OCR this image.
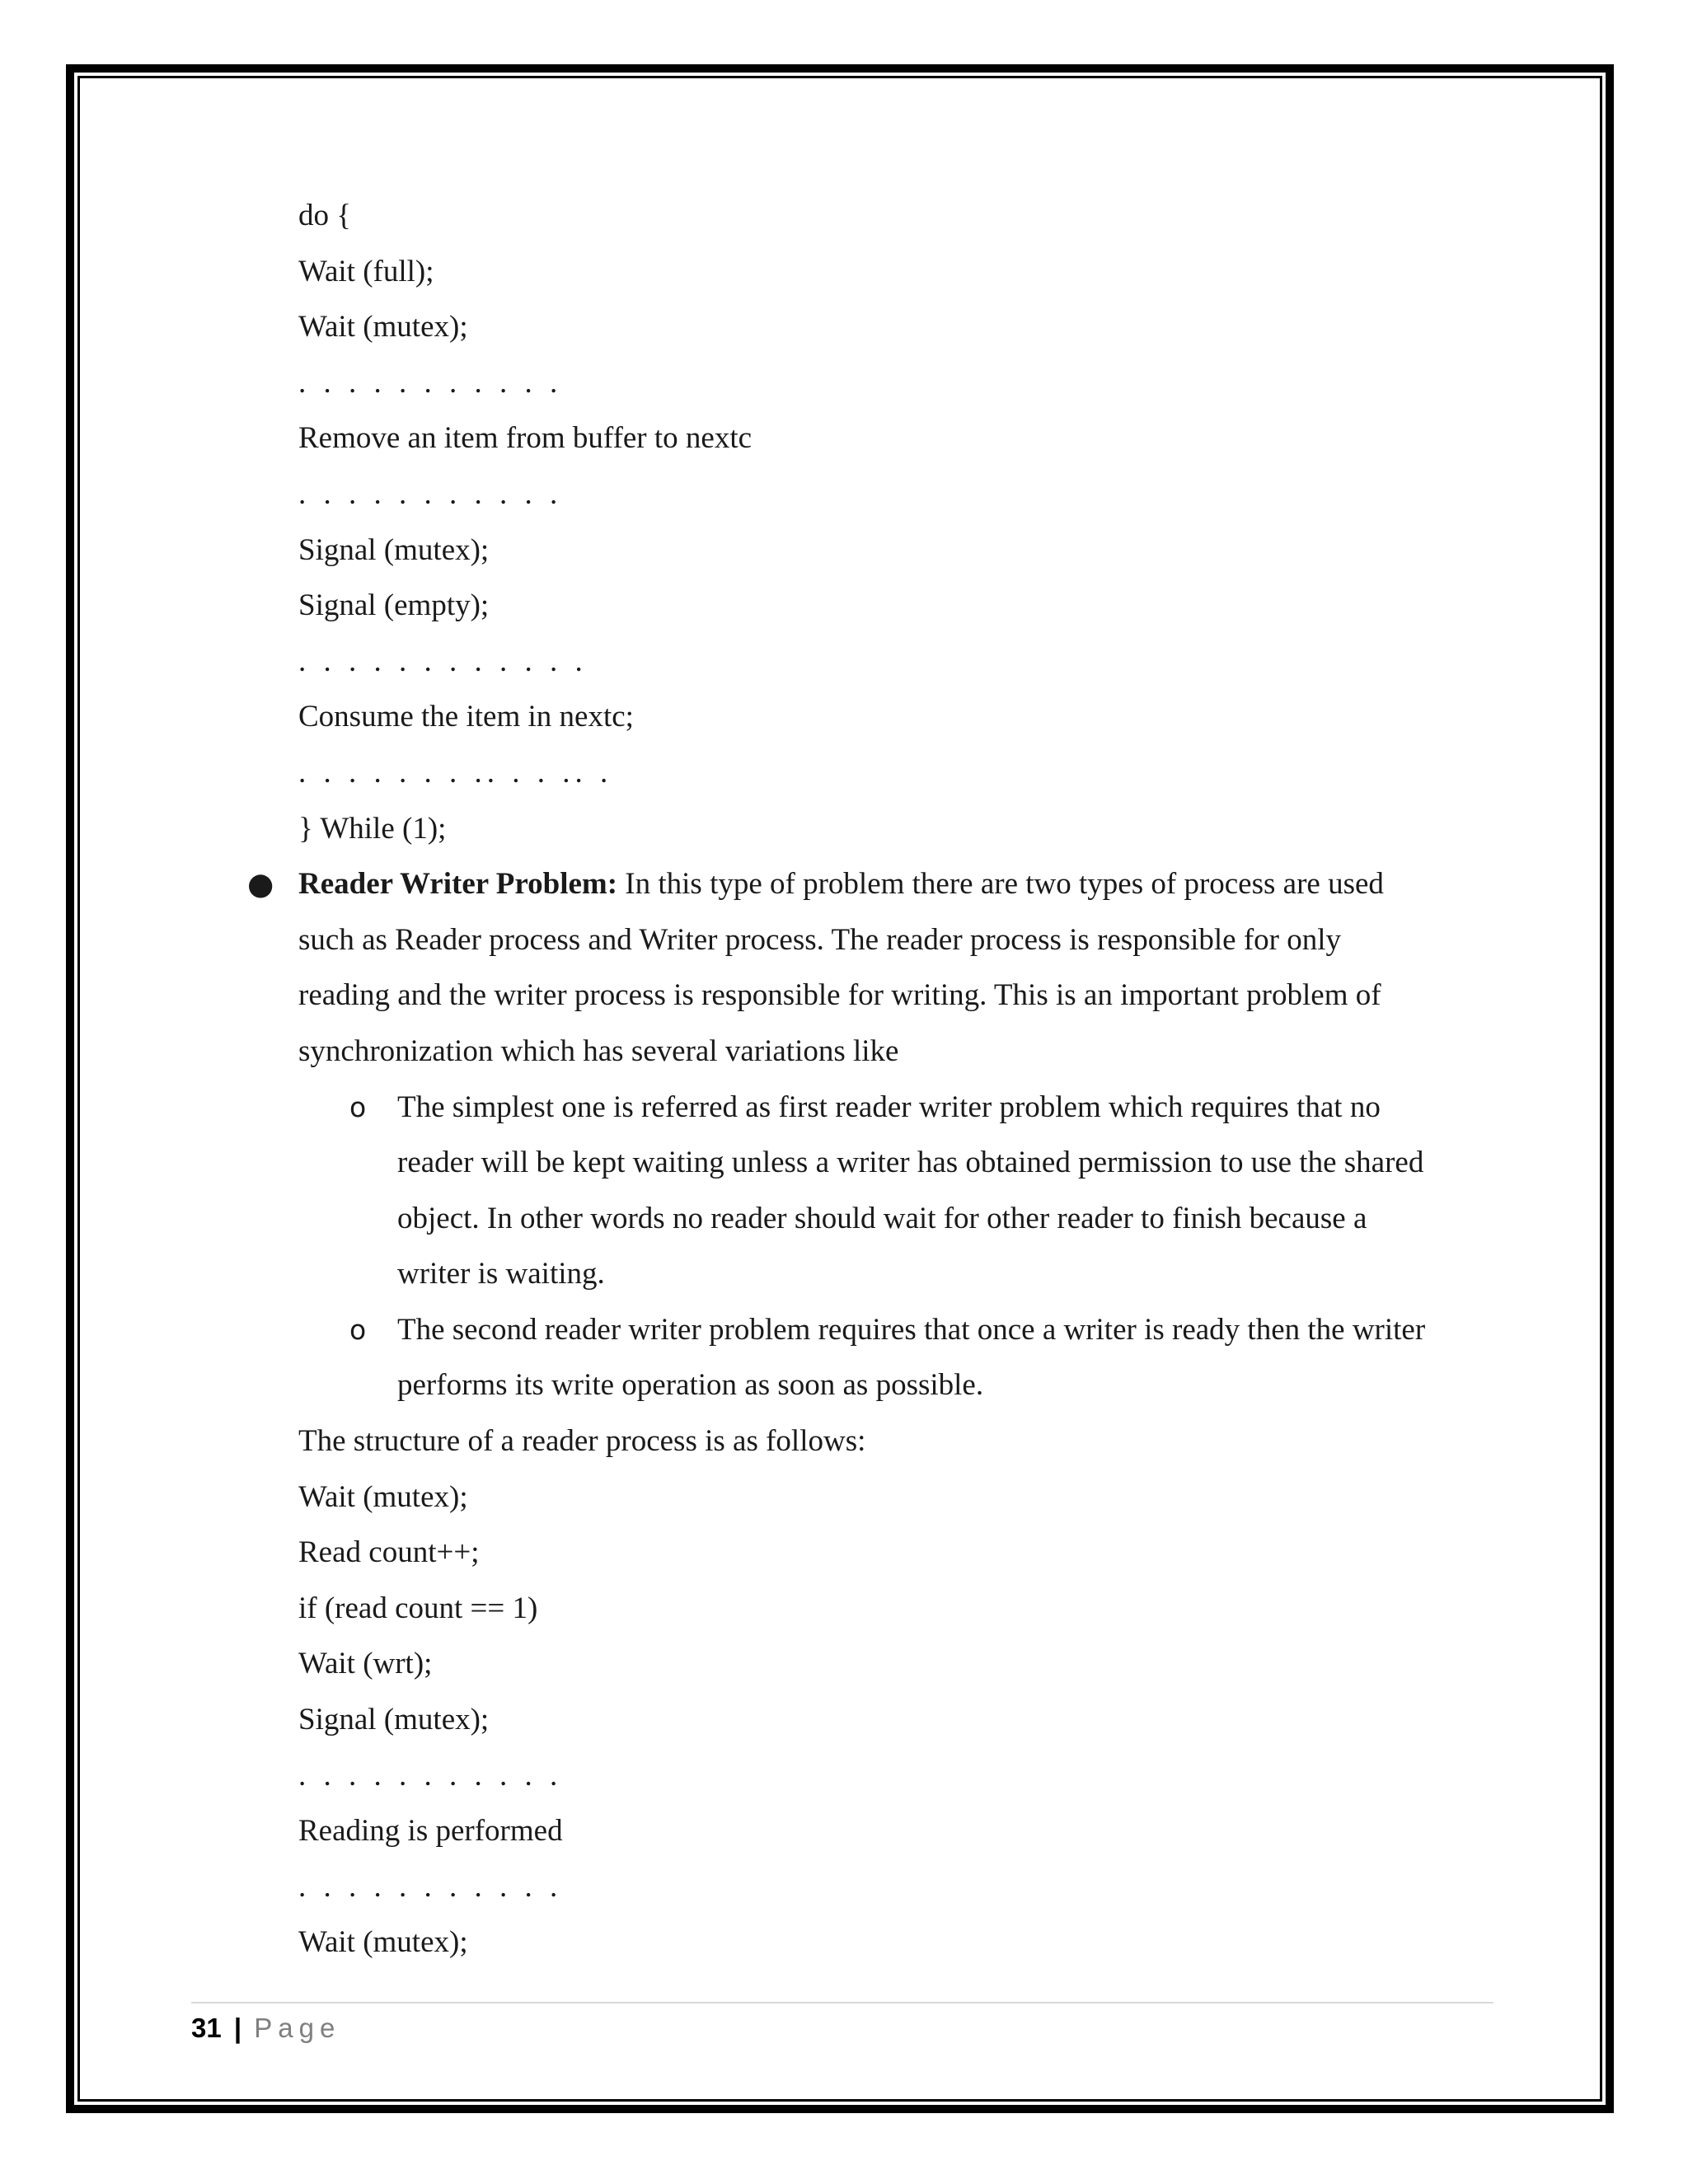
do {
Wait (full);
Wait (mutex);
. . . . . . . . . . .
Remove an item from buffer to nextc
. . . . . . . . . . .
Signal (mutex);
Signal (empty);
. . . . . . . . . . . .
Consume the item in nextc;
. . . . . . . .. . . .. .
} While (1);
● Reader Writer Problem: In this type of problem there are two types of process are used
such as Reader process and Writer process. The reader process is responsible for only
reading and the writer process is responsible for writing. This is an important problem of
synchronization which has several variations like
o The simplest one is referred as first reader writer problem which requires that no
reader will be kept waiting unless a writer has obtained permission to use the shared
object. In other words no reader should wait for other reader to finish because a
writer is waiting.
o The second reader writer problem requires that once a writer is ready then the writer
performs its write operation as soon as possible.
The structure of a reader process is as follows:
Wait (mutex);
Read count++;
if (read count == 1)
Wait (wrt);
Signal (mutex);
. . . . . . . . . . .
Reading is performed
. . . . . . . . . . .
Wait (mutex);
31 | Page
